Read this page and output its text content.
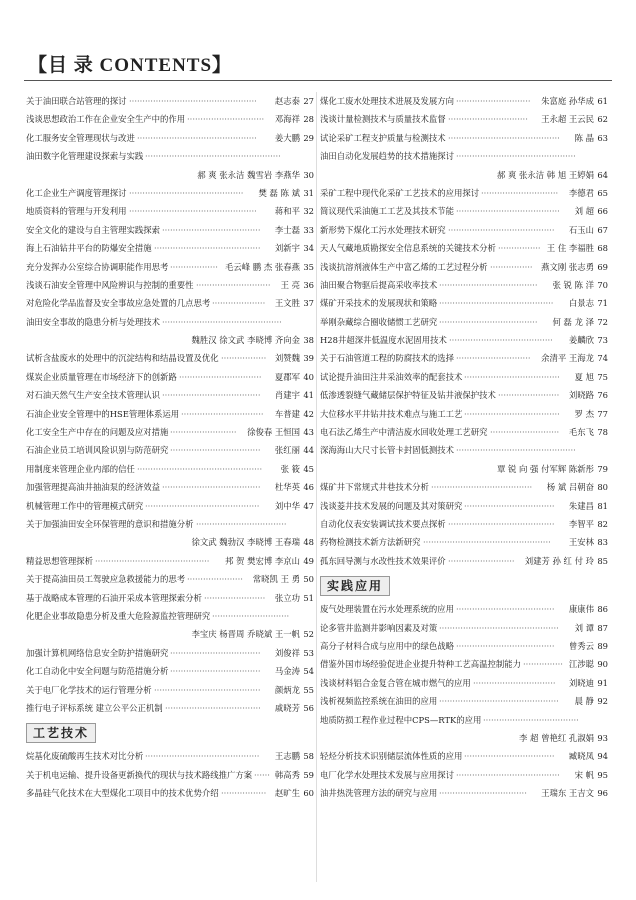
【目 录 CONTENTS】
关于油田联合站管理的探讨 ················································	赵志泰 27
浅谈思想政治工作在企业安全生产中的作用 ·····························	邓海祥 28
化工服务安全管理现状与改进 ·············································	姜大鹏 29
油田数字化管理建设探索与实践 ···················································
郝 爽 张永洁 魏雪岩 李燕华 30
化工企业生产调度管理探讨 ···········································	樊 磊 陈 斌 31
地质资料的管理与开发利用 ················································	蒋和平 32
安全文化的建设与自主管理实践探索 ·····································	李士磊 33
海上石油钻井平台的防爆安全措施 ········································	刘新宇 34
充分发挥办公室综合协调职能作用思考 ·················· 毛云峰 鹏 杰 张春燕 35
浅谈石油安全管理中风险辨识与控制的重要性 ····························	王 亮 36
对危险化学品监督及安全事故应急处置的几点思考 ····················	王文胜 37
油田安全事故的隐患分析与处理技术 ·············································
魏胜汉 徐文武 李晓博 齐向金 38
试析含盐废水的处理中的沉淀结构和结晶设置及优化 ·················	刘赞魏 39
煤炭企业质量管理在市场经济下的创新路 ·······························	夏郡军 40
对石油天然气生产安全技术管理认识 ·····································	肖建宇 41
石油企业安全管理中的HSE管理体系运用 ·······························	车普建 42
化工安全生产中存在的问题及应对措施 ·························	徐俊春 王恒国 43
石油企业员工培训风险识别与防范研究 ··································	张红丽 44
用制度来管理企业内部的信任 ···············································	张 筱 45
加强管理提高油井抽油泵的经济效益 ·····································	杜华英 46
机械管理工作中的管理模式研究 ···········································	刘中华 47
关于加强油田安全环保管理的意识和措施分析 ··································
徐文武 魏勃汉 李晓博 王春瑞 48
精益思想管理探析 ···········································	邦 贺 樊宏博 李京山 49
关于提高油田员工驾驶应急救援能力的思考 ·····················	常晓凯 王 勇 50
基于战略成本管理的石油开采成本管理探索分析 ·······················	张立功 51
化肥企业事故隐患分析及重大危险源监控管理研究 ·····························
李宝庆 杨晋周 乔晓斌 王一帆 52
加强计算机网络信息安全防护措施研究 ··································	刘俊祥 53
化工自动化中安全问题与防范措施分析 ··································	马金涛 54
关于电厂化学技术的运行管理分析 ········································	颜炳龙 55
推行电子评标系统 建立公平公正机制 ····································	戚晓芳 56
工艺技术
烷基化废硫酸再生技术对比分析 ···········································	王志鹏 58
关于机电运输、提升设备更新换代的现状与技术路线推广方案 ······ 韩高秀 59
多晶硅气化技术在大型煤化工项目中的技术优势介绍 ·················	赵旷生 60
煤化工废水处理技术进展及发展方向 ····························	朱富庭 孙华成 61
浅谈计量检测技术与质量技术监督 ······························	王永超 王云民 62
试论采矿工程支护质量与检测技术 ··········································	陈 晶 63
油田自动化发展趋势的技术措施探讨 ·············································
郝 爽 张永洁 韩 旭 王婷娟 64
采矿工程中现代化采矿工艺技术的应用探讨 ·····························	李德君 65
简议现代采油施工工艺及其技术节能 ·······································	刘 超 66
新形势下煤化工污水处理技术研究 ········································	石玉山 67
天人气藏地质勘探安全信息系统的关键技术分析 ················ 王 住 李福胜 68
浅谈抗溶剂液体生产中富乙烯的工艺过程分析 ················	燕文刚 张志勇 69
油田聚合物驱后提高采收率技术 ·····································	张 锐 陈 洋 70
煤矿开采技术的发展现状和策略 ···········································	白景志 71
举刚杂藏综合圈收储惯工艺研究 ·····································	何 磊 龙 泽 72
H28井超深井低温度水泥固用技术 ·······································	姜麟欣 73
关于石油管道工程的防腐技术的选择 ····························	余清平 王海龙 74
试论提升油田注井采油效率的配套技术 ····································	夏 旭 75
低渗透裂缝气藏储层保护特征及钻井液保护技术 ·······················	刘晓路 76
大位移水平井钻井技术难点与施工工艺 ····································	罗 杰 77
电石法乙烯生产中清洁废水回收处理工艺研究 ··························	毛东飞 78
深海海山大尺寸长管卡封固低测技术 ·············································
覃 锐 向 强 付军辉 陈新彤 79
煤矿井下常规式井巷技术分析 ······································	杨 斌 吕朝奋 80
浅谈菱井技术发展的问题及其对策研究 ··································	朱建昌 81
自动化仪表安装调试技术要点探析 ········································	李智平 82
药物检测技术新方法新研究 ················································	王安林 83
孤东回导测与水改性技术效果评价 ·························	刘建芳 孙 红 付 玲 85
实践应用
废气处理装置在污水处理系统的应用 ·····································	康康伟 86
论多管井监测井影响因素及对策 ·············································	刘 谭 87
高分子材料合成与应用中的绿色战略 ·····································	曾秀云 89
借鉴外国市场经验促进企业提升特种工艺高温控制能力 ··············· 江涉聪 90
浅谈材料铝合金复合管在城市燃气的应用 ·······························	刘晓迪 91
浅析视频监控系统在油田的应用 ·············································	晨 静 92
地质防损工程作业过程中CPS—RTK的应用 ····································
李 超 曾艳红 孔淑娟 93
轻烃分析技术识别储层流体性质的应用 ··································	臧晓凤 94
电厂化学水处理技术发展与应用探讨 ·······································	宋 帆 95
油井热洗管理方法的研究与应用 ·································	王瑞东 王吉文 96
